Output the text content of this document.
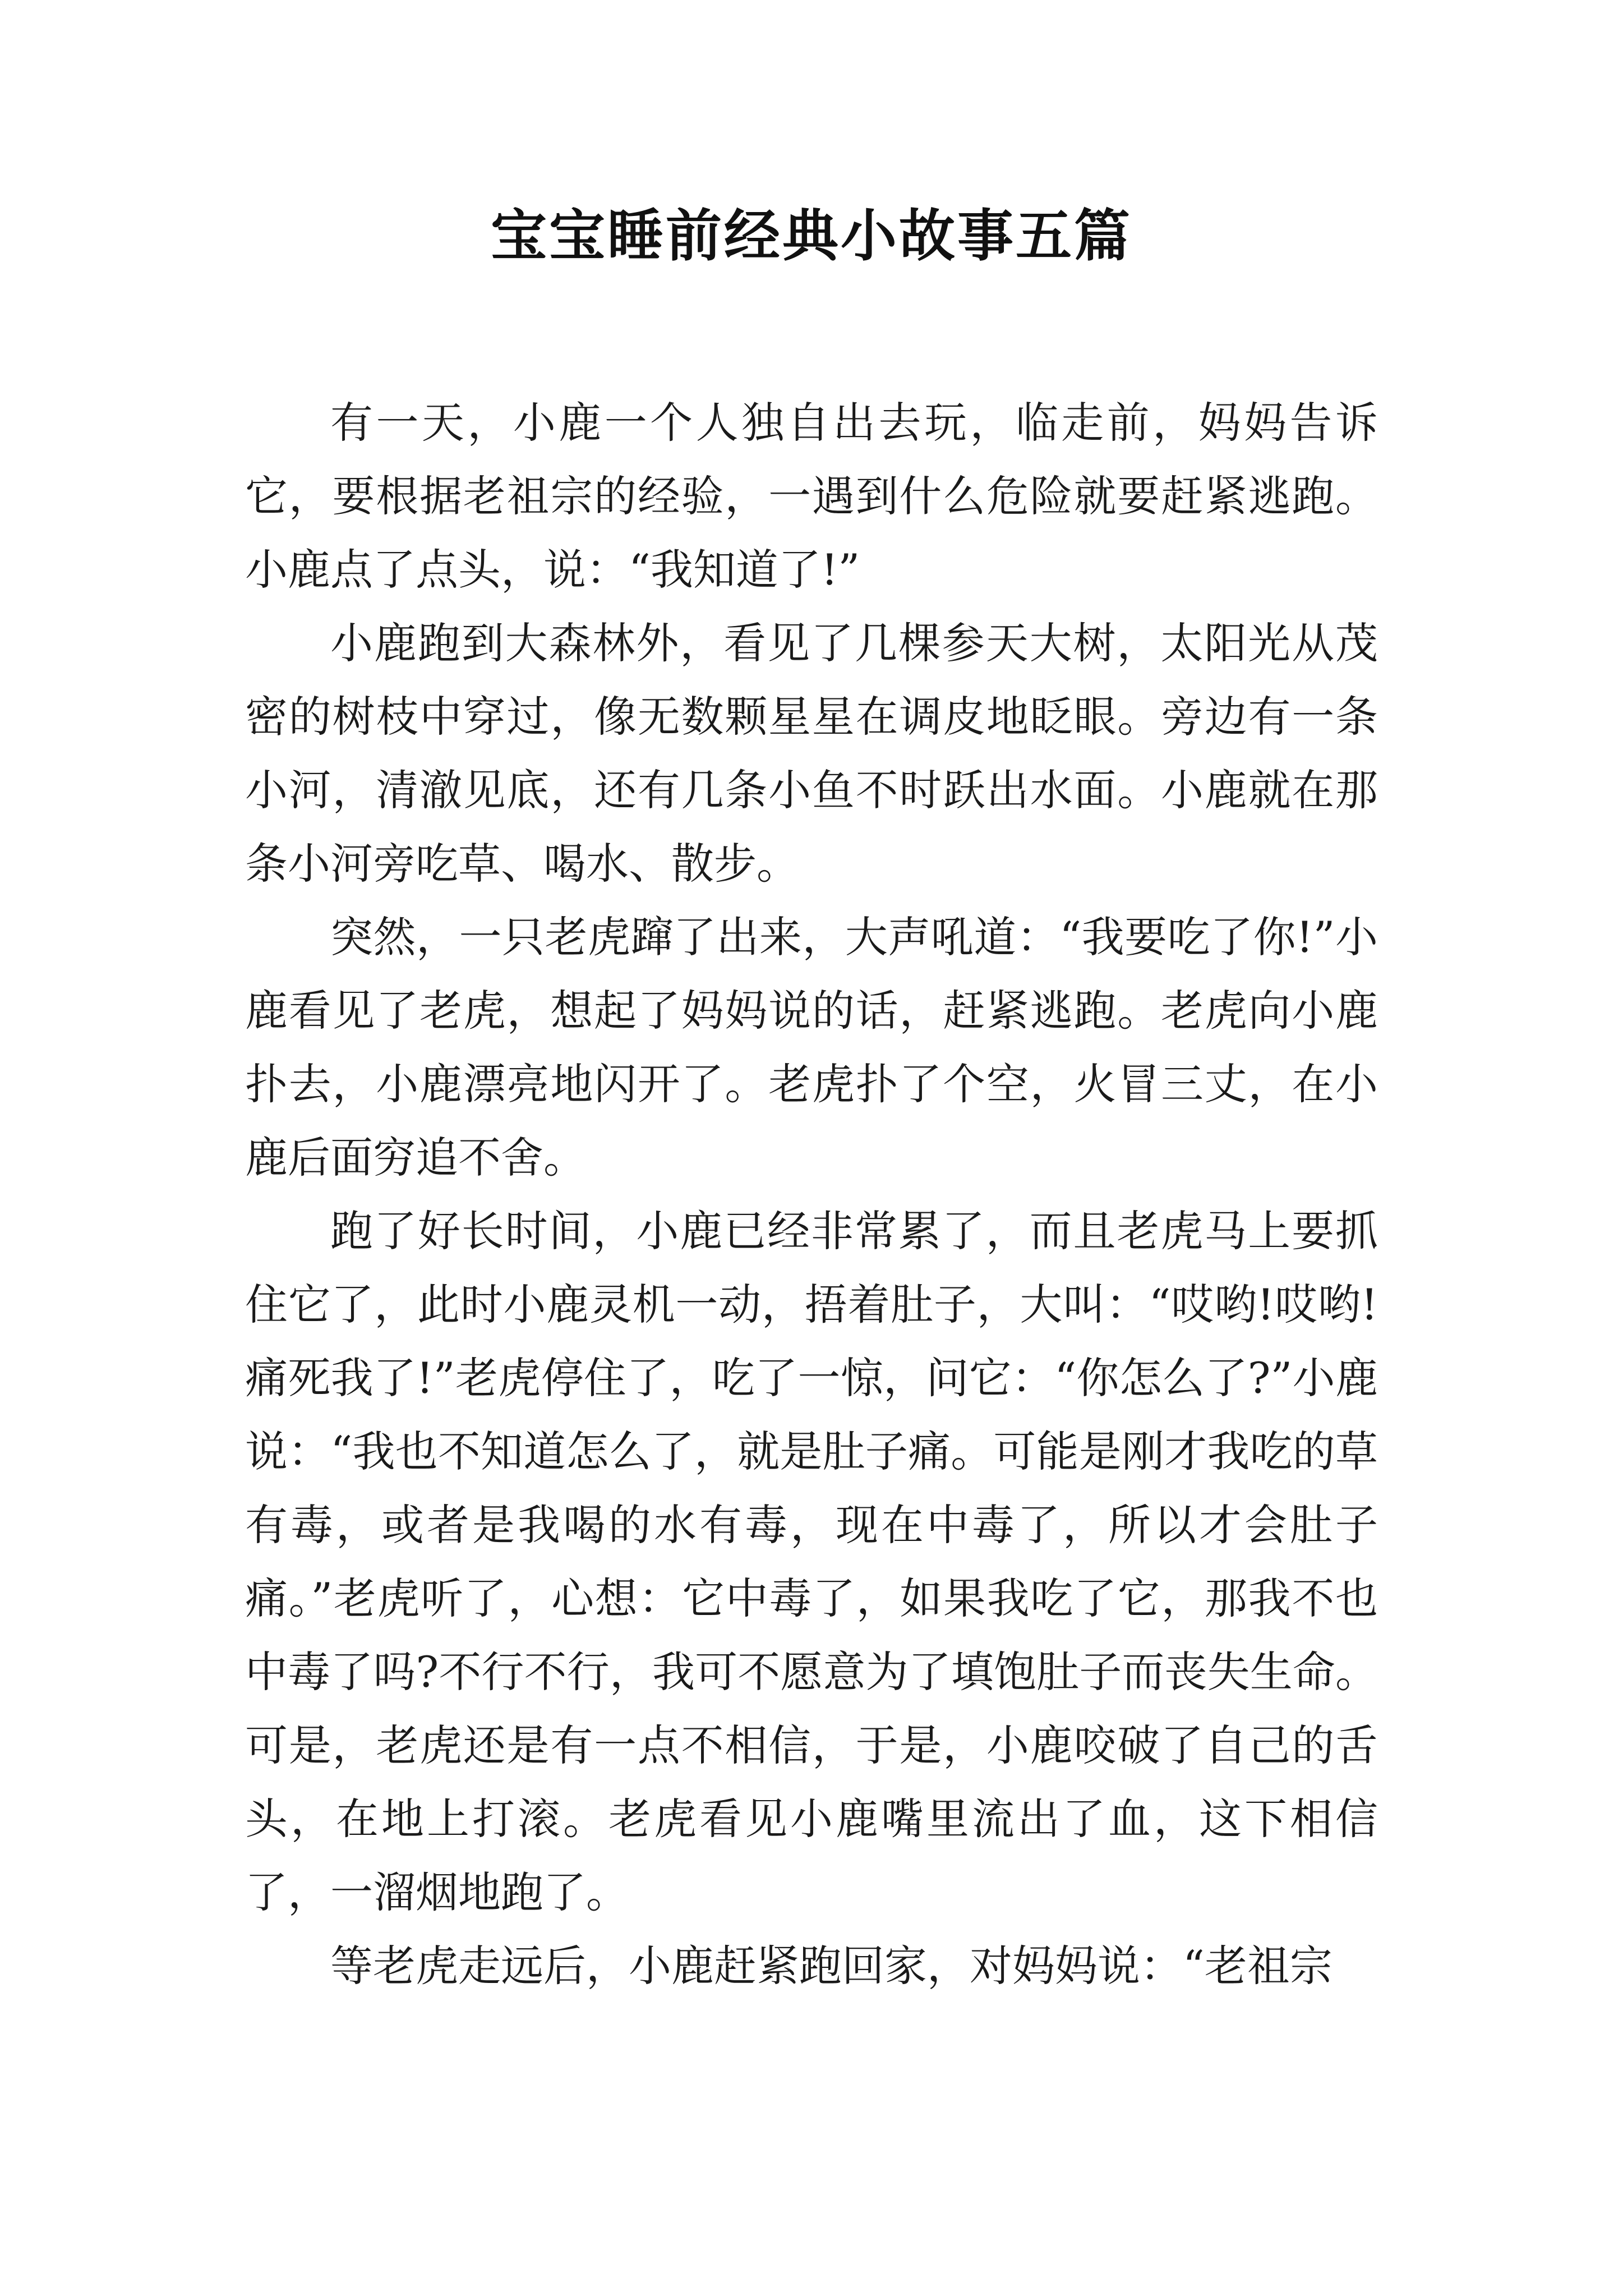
宝宝睡前经典小故事五篇

有一天，小鹿一个人独自出去玩，临走前，妈妈告诉它，要根据老祖宗的经验，一遇到什么危险就要赶紧逃跑。小鹿点了点头，说：“我知道了!”

小鹿跑到大森林外，看见了几棵参天大树，太阳光从茂密的树枝中穿过，像无数颗星星在调皮地眨眼。旁边有一条小河，清澈见底，还有几条小鱼不时跃出水面。小鹿就在那条小河旁吃草、喝水、散步。

突然，一只老虎蹿了出来，大声吼道：“我要吃了你!”小鹿看见了老虎，想起了妈妈说的话，赶紧逃跑。老虎向小鹿扑去，小鹿漂亮地闪开了。老虎扑了个空，火冒三丈，在小鹿后面穷追不舍。

跑了好长时间，小鹿已经非常累了，而且老虎马上要抓住它了，此时小鹿灵机一动，捂着肚子，大叫：“哎哟!哎哟!痛死我了!”老虎停住了，吃了一惊，问它：“你怎么了?”小鹿说：“我也不知道怎么了，就是肚子痛。可能是刚才我吃的草有毒，或者是我喝的水有毒，现在中毒了，所以才会肚子痛。”老虎听了，心想：它中毒了，如果我吃了它，那我不也中毒了吗?不行不行，我可不愿意为了填饱肚子而丧失生命。可是，老虎还是有一点不相信，于是，小鹿咬破了自己的舌头，在地上打滚。老虎看见小鹿嘴里流出了血，这下相信了，一溜烟地跑了。

等老虎走远后，小鹿赶紧跑回家，对妈妈说：“老祖宗
